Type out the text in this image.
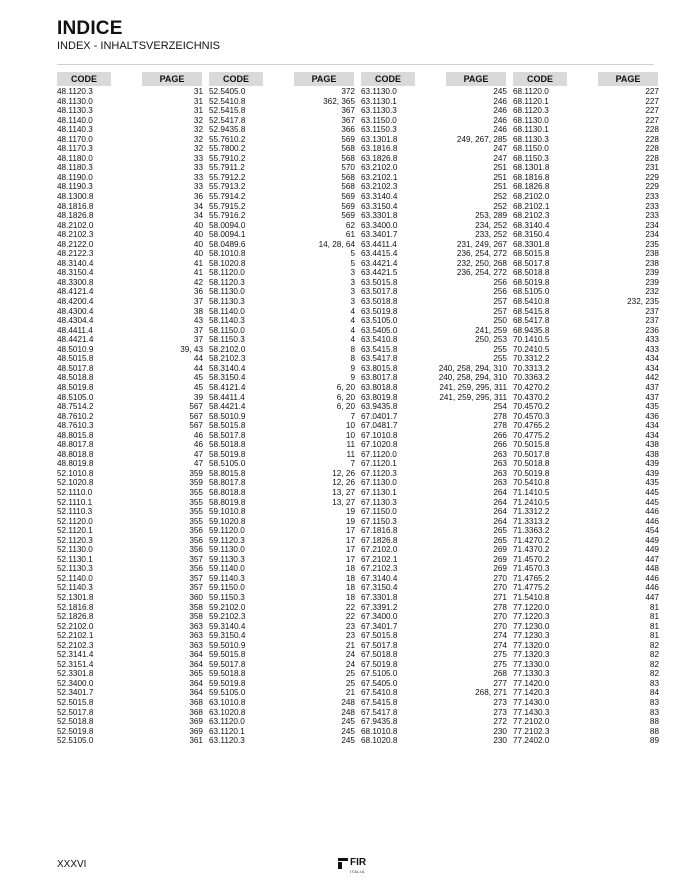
INDICE
INDEX - INHALTSVERZEICHNIS
CODE	PAGE
48.1120.3	31
48.1130.0	31
48.1130.3	31
48.1140.0	32
48.1140.3	32
48.1170.0	32
48.1170.3	32
48.1180.0	33
48.1180.3	33
48.1190.0	33
48.1190.3	33
48.1300.8	36
48.1816.8	34
48.1826.8	34
48.2102.0	40
48.2102.3	40
48.2122.0	40
48.2122.3	40
48.3140.4	41
48.3150.4	41
48.3300.8	42
48.4121.4	36
48.4200.4	37
48.4300.4	38
48.4304.4	43
48.4411.4	37
48.4421.4	37
48.5010.9	39, 43
48.5015.8	44
48.5017.8	44
48.5018.8	45
48.5019.8	45
48.5105.0	39
48.7514.2	567
48.7610.2	567
48.7610.3	567
48.8015.8	46
48.8017.8	46
48.8018.8	47
48.8019.8	47
52.1010.8	359
52.1020.8	359
52.1110.0	355
52.1110.1	355
52.1110.3	355
52.1120.0	355
52.1120.1	356
52.1120.3	356
52.1130.0	356
52.1130.1	357
52.1130.3	356
52.1140.0	357
52.1140.3	357
52.1301.8	360
52.1816.8	358
52.1826.8	358
52.2102.0	363
52.2102.1	363
52.2102.3	363
52.3141.4	364
52.3151.4	364
52.3301.8	365
52.3400.0	364
52.3401.7	364
52.5015.8	368
52.5017.8	368
52.5018.8	369
52.5019.8	369
52.5105.0	361
CODE	PAGE
52.5405.0	372
52.5410.8	362, 365
52.5415.8	367
52.5417.8	367
52.9435.8	366
55.7610.2	569
55.7800.2	568
55.7910.2	568
55.7911.2	570
55.7912.2	568
55.7913.2	568
55.7914.2	569
55.7915.2	569
55.7916.2	569
58.0094.0	62
58.0094.1	61
58.0489.6	14, 28, 64
58.1010.8	5
58.1020.8	5
58.1120.0	3
58.1120.3	3
58.1130.0	3
58.1130.3	3
58.1140.0	4
58.1140.3	4
58.1150.0	4
58.1150.3	4
58.2102.0	8
58.2102.3	8
58.3140.4	9
58.3150.4	9
58.4121.4	6, 20
58.4411.4	6, 20
58.4421.4	6, 20
58.5010.9	7
58.5015.8	10
58.5017.8	10
58.5018.8	11
58.5019.8	11
58.5105.0	7
58.8015.8	12, 26
58.8017.8	12, 26
58.8018.8	13, 27
58.8019.8	13, 27
59.1010.8	19
59.1020.8	19
59.1120.0	17
59.1120.3	17
59.1130.0	17
59.1130.3	17
59.1140.0	18
59.1140.3	18
59.1150.0	18
59.1150.3	18
59.2102.0	22
59.2102.3	22
59.3140.4	23
59.3150.4	23
59.5010.9	21
59.5015.8	24
59.5017.8	24
59.5018.8	25
59.5019.8	25
59.5105.0	21
63.1010.8	248
63.1020.8	248
63.1120.0	245
63.1120.1	245
63.1120.3	245
CODE	PAGE
63.1130.0	245
63.1130.1	246
63.1130.3	246
63.1150.0	246
63.1150.3	246
63.1301.8	249, 267, 285
63.1816.8	247
63.1826.8	247
63.2102.0	251
63.2102.1	251
63.2102.3	251
63.3140.4	252
63.3150.4	252
63.3301.8	253, 289
63.3400.0	234, 252
63.3401.7	233, 252
63.4411.4	231, 249, 267
63.4415.4	236, 254, 272
63.4421.4	232, 250, 268
63.4421.5	236, 254, 272
63.5015.8	256
63.5017.8	256
63.5018.8	257
63.5019.8	257
63.5105.0	250
63.5405.0	241, 259
63.5410.8	250, 253
63.5415.8	255
63.5417.8	255
63.8015.8	240, 258, 294, 310
63.8017.8	240, 258, 294, 310
63.8018.8	241, 259, 295, 311
63.8019.8	241, 259, 295, 311
63.9435.8	254
67.0401.7	278
67.0481.7	278
67.1010.8	266
67.1020.8	266
67.1120.0	263
67.1120.1	263
67.1120.3	263
67.1130.0	263
67.1130.1	264
67.1130.3	264
67.1150.0	264
67.1150.3	264
67.1816.8	265
67.1826.8	265
67.2102.0	269
67.2102.1	269
67.2102.3	269
67.3140.4	270
67.3150.4	270
67.3301.8	271
67.3391.2	278
67.3400.0	270
67.3401.7	270
67.5015.8	274
67.5017.8	274
67.5018.8	275
67.5019.8	275
67.5105.0	268
67.5405.0	277
67.5410.8	268, 271
67.5415.8	273
67.5417.8	273
67.9435.8	272
68.1010.8	230
68.1020.8	230
CODE	PAGE
68.1120.0	227
68.1120.1	227
68.1120.3	227
68.1130.0	227
68.1130.1	228
68.1130.3	228
68.1150.0	228
68.1150.3	228
68.1301.8	231
68.1816.8	229
68.1826.8	229
68.2102.0	233
68.2102.1	233
68.2102.3	233
68.3140.4	234
68.3150.4	234
68.3301.8	235
68.5015.8	238
68.5017.8	238
68.5018.8	239
68.5019.8	239
68.5105.0	232
68.5410.8	232, 235
68.5415.8	237
68.5417.8	237
68.9435.8	236
70.1410.5	433
70.2410.5	433
70.3312.2	434
70.3313.2	434
70.3363.2	442
70.4270.2	437
70.4370.2	437
70.4570.2	435
70.4570.3	436
70.4765.2	434
70.4775.2	434
70.5015.8	438
70.5017.8	438
70.5018.8	439
70.5019.8	439
70.5410.8	435
71.1410.5	445
71.2410.5	445
71.3312.2	446
71.3313.2	446
71.3363.2	454
71.4270.2	449
71.4370.2	449
71.4570.2	447
71.4570.3	448
71.4765.2	446
71.4775.2	446
71.5410.8	447
77.1220.0	81
77.1220.3	81
77.1230.0	81
77.1230.3	81
77.1320.0	82
77.1320.3	82
77.1330.0	82
77.1330.3	82
77.1420.0	83
77.1420.3	84
77.1430.0	83
77.1430.3	83
77.2102.0	88
77.2102.3	88
77.2402.0	89
XXXVI	FIR
ITALIA
